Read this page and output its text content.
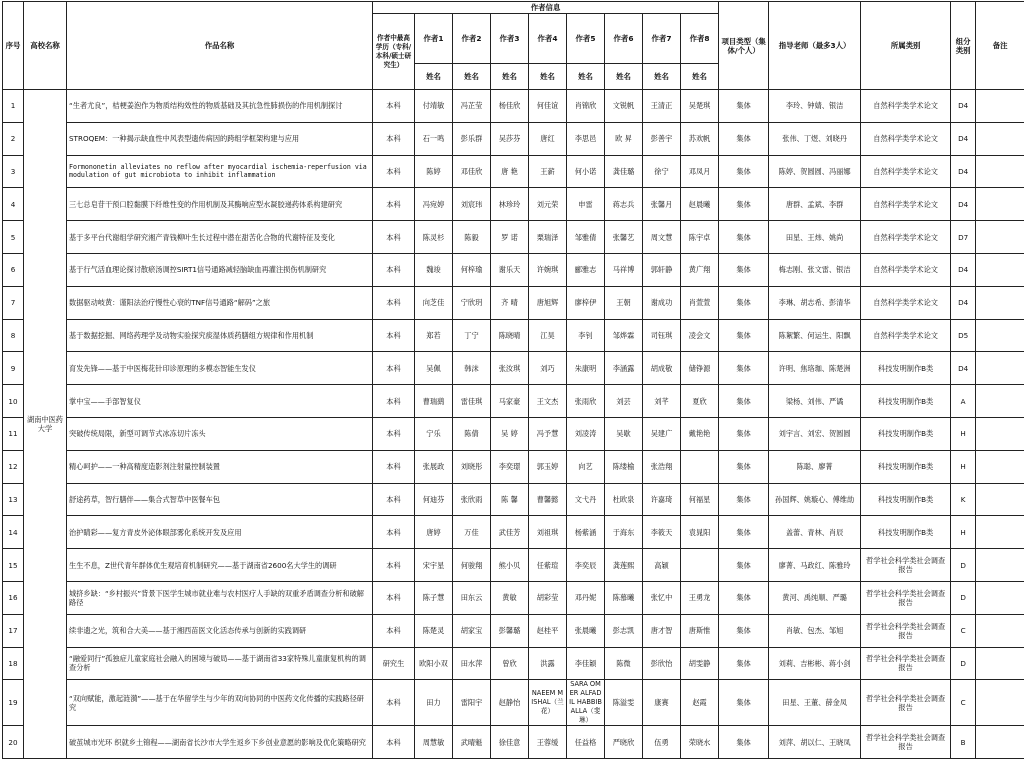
序号	高校名称	作品名称	作者信息									项目类型（集体/个人）	指导老师（最多3人）	所属类别	组分类别	备注
			作者中最高学历（专科/本科/硕士研究生）	作者1	作者2	作者3	作者4	作者5	作者6	作者7	作者8					
				姓名	姓名	姓名	姓名	姓名	姓名	姓名	姓名					
1	湖南中医药大学	“生者尤良”，桔梗姜泡作为物质结构效性的物质基础及其抗急性肺损伤的作用机制探讨	本科	付靖敏	冯芷莹	杨佳欣	何佳谊	肖锦欣	文锐帆	王清正	吴楚琪	集体	李玲、钟婧、银洁	自然科学类学术论文	D4	
2		STROQEM：一种揭示缺血性中风表型遗传病因的跨组学框架构建与应用	本科	石一鸣	彭乐群	吴莎芬	唐红	李思邑	欧 昇	彭善宇	苏欢帆	集体	张伟、丁煜、刘晓丹	自然科学类学术论文	D4	
3		Formononetin alleviates no reflow after myocardial ischemia-reperfusion via modulation of gut microbiota to inhibit inflammation	本科	陈婷	邓佳欣	唐 艳	王薪	何小诺	龚佳璐	徐宁	邓凤月	集体	陈婷、贺圆圆、冯丽娜	自然科学类学术论文	D4	
4		三七总皂苷干预口腔黏膜下纤维性变的作用机制及其酶响应型水凝胶递药体系构建研究	本科	冯宛婷	刘宸玮	林珍玲	刘元荣	申雷	蒋志兵	张馨月	赵晨曦	集体	唐群、孟斌、李群	自然科学类学术论文	D4	
5		基于多平台代谢组学研究湘产青钱柳叶生长过程中潜在甜苦化合物的代谢特征及变化	本科	陈灵杉	陈毅	罗 诺	栗瑞泽	邹雅倩	张馨艺	周文慧	陈宇卓	集体	田星、王炜、姚尚	自然科学类学术论文	D7	
6		基于行气活血理论探讨散瘀汤调控SIRT1信号通路减轻脑缺血再灌注损伤机制研究	本科	魏竣	何梓瑜	谢乐天	许婉琪	郦雅志	马祥博	郭轩静	黄广翔	集体	梅志刚、张文雷、银洁	自然科学类学术论文	D4	
7		数据驱动岐黄：谨阳法治疗慢性心衰的TNF信号通路“解码”之旅	本科	向芝佳	宁欣玥	齐 晴	唐旭辉	廖梓伊	王朝	谢成功	肖萱萱	集体	李琳、胡志希、彭清华	自然科学类学术论文	D4	
8		基于数据挖掘、网络药理学及动物实验探究痰湿体质药膳组方规律和作用机制	本科	郑若	丁宁	陈晓晴	江昊	李钊	邹烨霖	司钰琪	凌会文	集体	陈絮繁、何运生、阳飘	自然科学类学术论文	D5	
9		育发先锋——基于中医梅花针印诊原理的多模态智能生发仪	本科	吴佩	韩沫	张汝琪	刘巧	朱康明	李涵露	胡成敬	储铮源	集体	许明、焦珞珈、陈楚洲	科技发明制作B类	D4	
10		掌中宝——手部智复仪	本科	曹瑞鹞	雷佳琪	马家豪	王文杰	张雨欣	刘芸	刘芊	夏欣	集体	梁杨、刘伟、严谲	科技发明制作B类	A	
11		突破传统局限，新型可调节式冰冻切片冻头	本科	宁乐	陈倩	吴 婷	冯予慧	刘凌涛	吴歇	吴建广	戴艳艳	集体	刘宇言、刘宏、贺圆圆	科技发明制作B类	H	
12		精心呵护——一种高精度造影剂注射量控制装置	本科	张展政	刘晓彤	李奕璟	郭玉婷	向艺	陈缕榆	张浩翔		集体	陈聪、廖菁	科技发明制作B类	H	
13		舒途药草，智行膳伴——集合式智草中医餐车包	本科	何迪芬	张欣雨	陈 馨	曹馨懿	文弋丹	杜欧泉	许嘉琦	何福星	集体	孙国辉、姚璇心、傅维劼	科技发明制作B类	K	
14		治护睛彩——复方青皮外泌体眼部雾化系统开发及应用	本科	唐婷	万佳	武佳芳	刘祖琪	杨紫涵	于海东	李筱天	袁晁阳	集体	盖蕾、青林、肖辰	科技发明制作B类	H	
15		生生不息，Z世代青年群体优生观培育机制研究——基于湖南省2600名大学生的调研	本科	宋宇星	何骏翔	熊小贝	任紫瑄	李奕辰	龚莲熙	高颖		集体	廖菁、马政红、陈雅玲	哲学社会科学类社会调查报告	D	
16		城挤乡缺：“乡村振兴”背景下医学生城市就业难与农村医疗人手缺的双重矛盾调查分析和破解路径	本科	陈子慧	田东云	黄敏	胡彩莹	邓丹妮	陈慕曦	张忆中	王勇龙	集体	黄河、禹纯顺、严璐	哲学社会科学类社会调查报告	D	
17		续非遗之光，筑和合大美——基于湘西苗医文化活态传承与创新的实践调研	本科	陈楚灵	胡家宝	彭馨璐	赵桂平	张晨曦	彭志凯	唐才智	唐斯惟	集体	肖敏、包杰、邹旭	哲学社会科学类社会调查报告	C	
18		“融爱同行”孤独症儿童家庭社会融入的困境与破局——基于湖南省33家特殊儿童康复机构的调查分析	研究生	欧阳小双	田水萍	曾欣	洪露	李佳颖	陈微	彭欣怡	胡雯静	集体	刘莉、吉彬彬、蒋小剑	哲学社会科学类社会调查报告	D	
19		“双向赋能，激起涟漪”——基于在华留学生与少年的双向协同的中医药文化传播的实践路径研究	本科	田力	雷阳宇	赵静怡	NAEEM MISHAL（兰花）	SARA OMER ALFADIL HABBIBALLA（斐琳）	陈溢雯	康赛	赵霞	集体	田星、王董、薛金凤	哲学社会科学类社会调查报告	C	
20		破茧城市光环 织就乡土锦程——湖南省长沙市大学生返乡下乡创业意愿的影响及优化策略研究	本科	周慧敏	武晴魁	徐佳意	王蓉缓	任益格	严晓欣	伍勇	荣晓水	集体	刘萍、胡以仁、王晓凤	哲学社会科学类社会调查报告	B	
